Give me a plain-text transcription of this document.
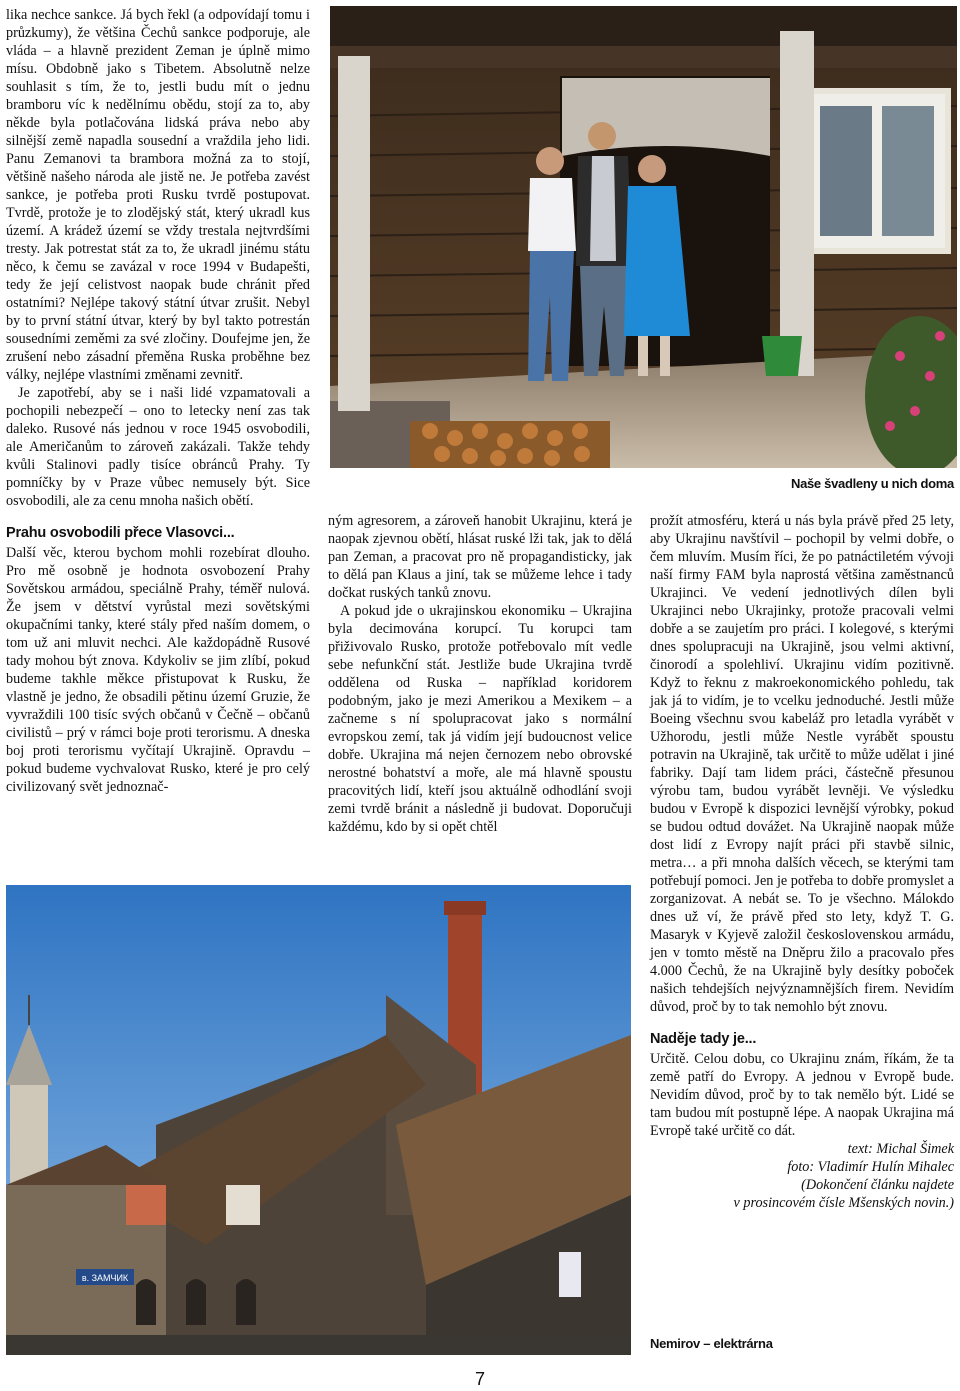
lika nechce sankce. Já bych řekl (a odpovídají tomu i průzkumy), že většina Čechů sankce podporuje, ale vláda – a hlavně prezident Zeman je úplně mimo mísu. Obdobně jako s Tibetem. Absolutně nelze souhlasit s tím, že to, jestli budu mít o jednu bramboru víc k nedělnímu obědu, stojí za to, aby někde byla potlačována lidská práva nebo aby silnější země napadla sousední a vraždila jeho lidi. Panu Zemanovi ta brambora možná za to stojí, většině našeho národa ale jistě ne. Je potřeba zavést sankce, je potřeba proti Rusku tvrdě postupovat. Tvrdě, protože je to zlodějský stát, který ukradl kus území. A krádež území se vždy trestala nejtvrdšími tresty. Jak potrestat stát za to, že ukradl jinému státu něco, k čemu se zavázal v roce 1994 v Budapešti, tedy že její celistvost naopak bude chránit před ostatními? Nejlépe takový státní útvar zrušit. Nebyl by to první státní útvar, který by byl takto potrestán sousedními zeměmi za své zločiny. Doufejme jen, že zrušení nebo zásadní přeměna Ruska proběhne bez války, nejlépe vlastními změnami zevnitř.

Je zapotřebí, aby se i naši lidé vzpamatovali a pochopili nebezpečí – ono to letecky není zas tak daleko. Rusové nás jednou v roce 1945 osvobodili, ale Američanům to zároveň zakázali. Takže tehdy kvůli Stalinovi padly tisíce obránců Prahy. Ty pomníčky by v Praze vůbec nemusely být. Sice osvobodili, ale za cenu mnoha našich obětí.

Prahu osvobodili přece Vlasovci...

Další věc, kterou bychom mohli rozebírat dlouho. Pro mě osobně je hodnota osvobození Prahy Sovětskou armádou, speciálně Prahy, téměř nulová. Že jsem v dětství vyrůstal mezi sovětskými okupačními tanky, které stály před naším domem, o tom už ani mluvit nechci. Ale každopádně Rusové tady mohou být znova. Kdykoliv se jim zlíbí, pokud budeme takhle měkce přistupovat k Rusku, že vlastně je jedno, že obsadili pětinu území Gruzie, že vyvraždili 100 tisíc svých občanů v Čečně – občanů civilistů – prý v rámci boje proti terorismu. A dneska boj proti terorismu vyčítají Ukrajině. Opravdu – pokud budeme vychvalovat Rusko, které je pro celý civilizovaný svět jednoznač-

Naše švadleny u nich doma

ným agresorem, a zároveň hanobit Ukrajinu, která je naopak zjevnou obětí, hlásat ruské lži tak, jak to dělá pan Zeman, a pracovat pro ně propagandisticky, jak to dělá pan Klaus a jiní, tak se můžeme lehce i tady dočkat ruských tanků znovu.

A pokud jde o ukrajinskou ekonomiku – Ukrajina byla decimována korupcí. Tu korupci tam přiživovalo Rusko, protože potřebovalo mít vedle sebe nefunkční stát. Jestliže bude Ukrajina tvrdě oddělena od Ruska – například koridorem podobným, jako je mezi Amerikou a Mexikem – a začneme s ní spolupracovat jako s normální evropskou zemí, tak já vidím její budoucnost velice dobře. Ukrajina má nejen černozem nebo obrovské nerostné bohatství a moře, ale má hlavně spoustu pracovitých lidí, kteří jsou aktuálně odhodlání svoji zemi tvrdě bránit a následně ji budovat. Doporučuji každému, kdo by si opět chtěl

prožít atmosféru, která u nás byla právě před 25 lety, aby Ukrajinu navštívil – pochopil by velmi dobře, o čem mluvím. Musím říci, že po patnáctiletém vývoji naší firmy FAM byla naprostá většina zaměstnanců Ukrajinci. Ve vedení jednotlivých dílen byli Ukrajinci nebo Ukrajinky, protože pracovali velmi dobře a se zaujetím pro práci. I kolegové, s kterými dnes spolupracuji na Ukrajině, jsou velmi aktivní, činorodí a spolehliví. Ukrajinu vidím pozitivně. Když to řeknu z makroekonomického pohledu, tak jak já to vidím, je to vcelku jednoduché. Jestli může Boeing všechnu svou kabeláž pro letadla vyrábět v Užhorodu, jestli může Nestle vyrábět spoustu potravin na Ukrajině, tak určitě to může udělat i jiné fabriky. Dají tam lidem práci, částečně přesunou výrobu tam, budou vyrábět levněji. Ve výsledku budou v Evropě k dispozici levnější výrobky, pokud se budou odtud dovážet. Na Ukrajině naopak může dost lidí z Evropy najít práci při stavbě silnic, metra… a při mnoha dalších věcech, se kterými tam potřebují pomoci. Jen je potřeba to dobře promyslet a zorganizovat. A nebát se. To je všechno. Málokdo dnes už ví, že právě před sto lety, když T. G. Masaryk v Kyjevě založil československou armádu, jen v tomto městě na Dněpru žilo a pracovalo přes 4.000 Čechů, že na Ukrajině byly desítky poboček našich tehdejších nejvýznamnějších firem. Nevidím důvod, proč by to tak nemohlo být znovu.

Naděje tady je...

Určitě. Celou dobu, co Ukrajinu znám, říkám, že ta země patří do Evropy. A jednou v Evropě bude. Nevidím důvod, proč by to tak nemělo být. Lidé se tam budou mít postupně lépe. A naopak Ukrajina má Evropě také určitě co dát.

text: Michal Šimek

foto: Vladimír Hulín Mihalec

(Dokončení článku najdete

v prosincovém čísle Mšenských novin.)

в. ЗАМЧИК
Nemirov – elektrárna
7
